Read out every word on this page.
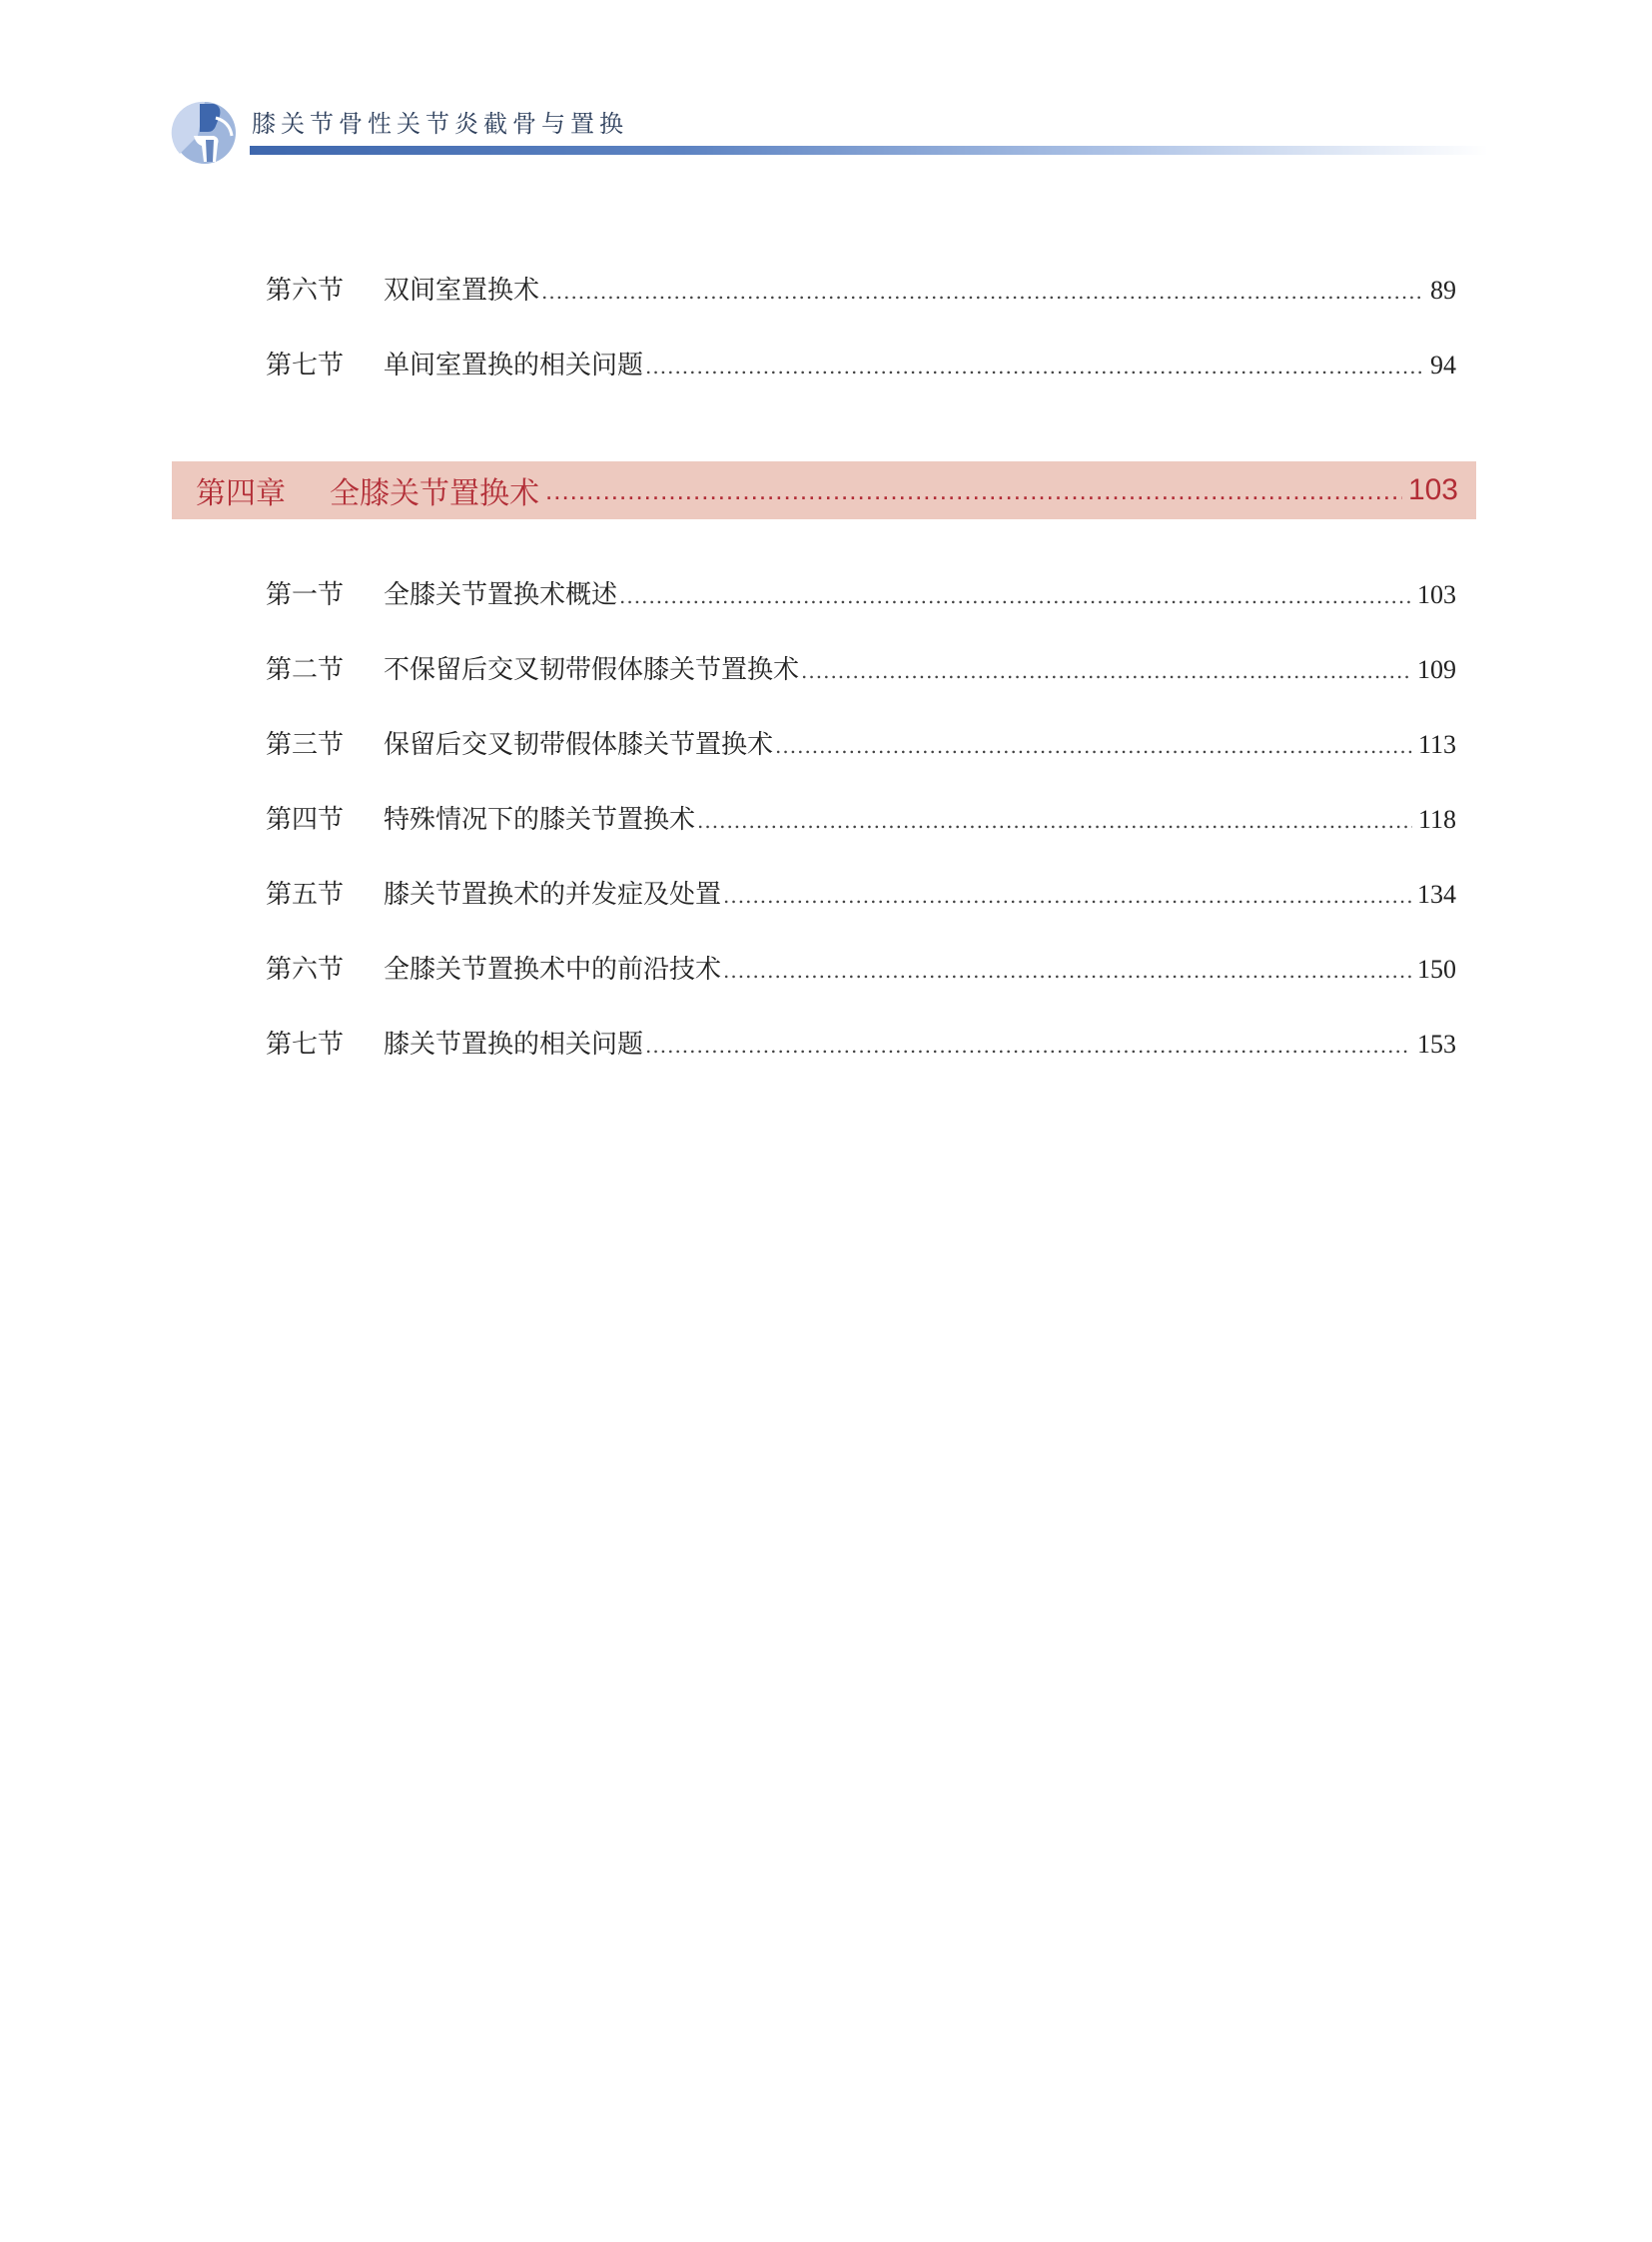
膝关节骨性关节炎截骨与置换
第六节	双间室置换术 .....	89
第七节	单间室置换的相关问题 .....	94
第四章	全膝关节置换术 .....	103
第一节	全膝关节置换术概述 .....	103
第二节	不保留后交叉韧带假体膝关节置换术 .....	109
第三节	保留后交叉韧带假体膝关节置换术 .....	113
第四节	特殊情况下的膝关节置换术 .....	118
第五节	膝关节置换术的并发症及处置 .....	134
第六节	全膝关节置换术中的前沿技术 .....	150
第七节	膝关节置换的相关问题 .....	153
